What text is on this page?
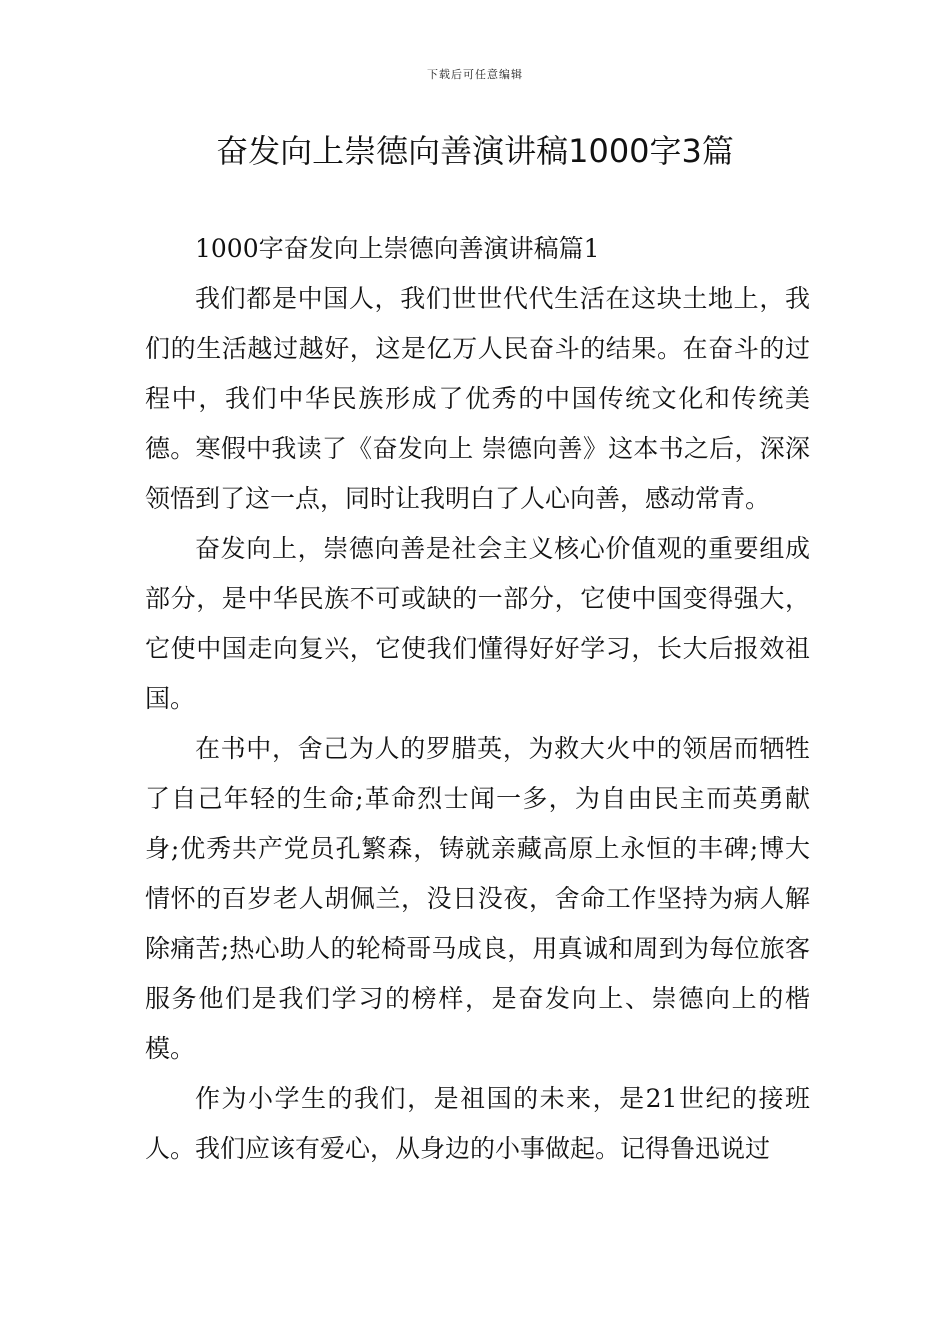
下载后可任意编辑
奋发向上崇德向善演讲稿1000字3篇

1000字奋发向上崇德向善演讲稿篇1

我们都是中国人，我们世世代代生活在这块土地上，我们的生活越过越好，这是亿万人民奋斗的结果。在奋斗的过程中，我们中华民族形成了优秀的中国传统文化和传统美德。寒假中我读了《奋发向上 崇德向善》这本书之后，深深领悟到了这一点，同时让我明白了人心向善，感动常青。

奋发向上，崇德向善是社会主义核心价值观的重要组成部分，是中华民族不可或缺的一部分，它使中国变得强大，它使中国走向复兴，它使我们懂得好好学习，长大后报效祖国。

在书中，舍己为人的罗腊英，为救大火中的领居而牺牲了自己年轻的生命;革命烈士闻一多，为自由民主而英勇献身;优秀共产党员孔繁森，铸就亲藏高原上永恒的丰碑;博大情怀的百岁老人胡佩兰，没日没夜，舍命工作坚持为病人解除痛苦;热心助人的轮椅哥马成良，用真诚和周到为每位旅客服务他们是我们学习的榜样，是奋发向上、崇德向上的楷模。

作为小学生的我们，是祖国的未来，是21世纪的接班人。我们应该有爱心，从身边的小事做起。记得鲁迅说过
